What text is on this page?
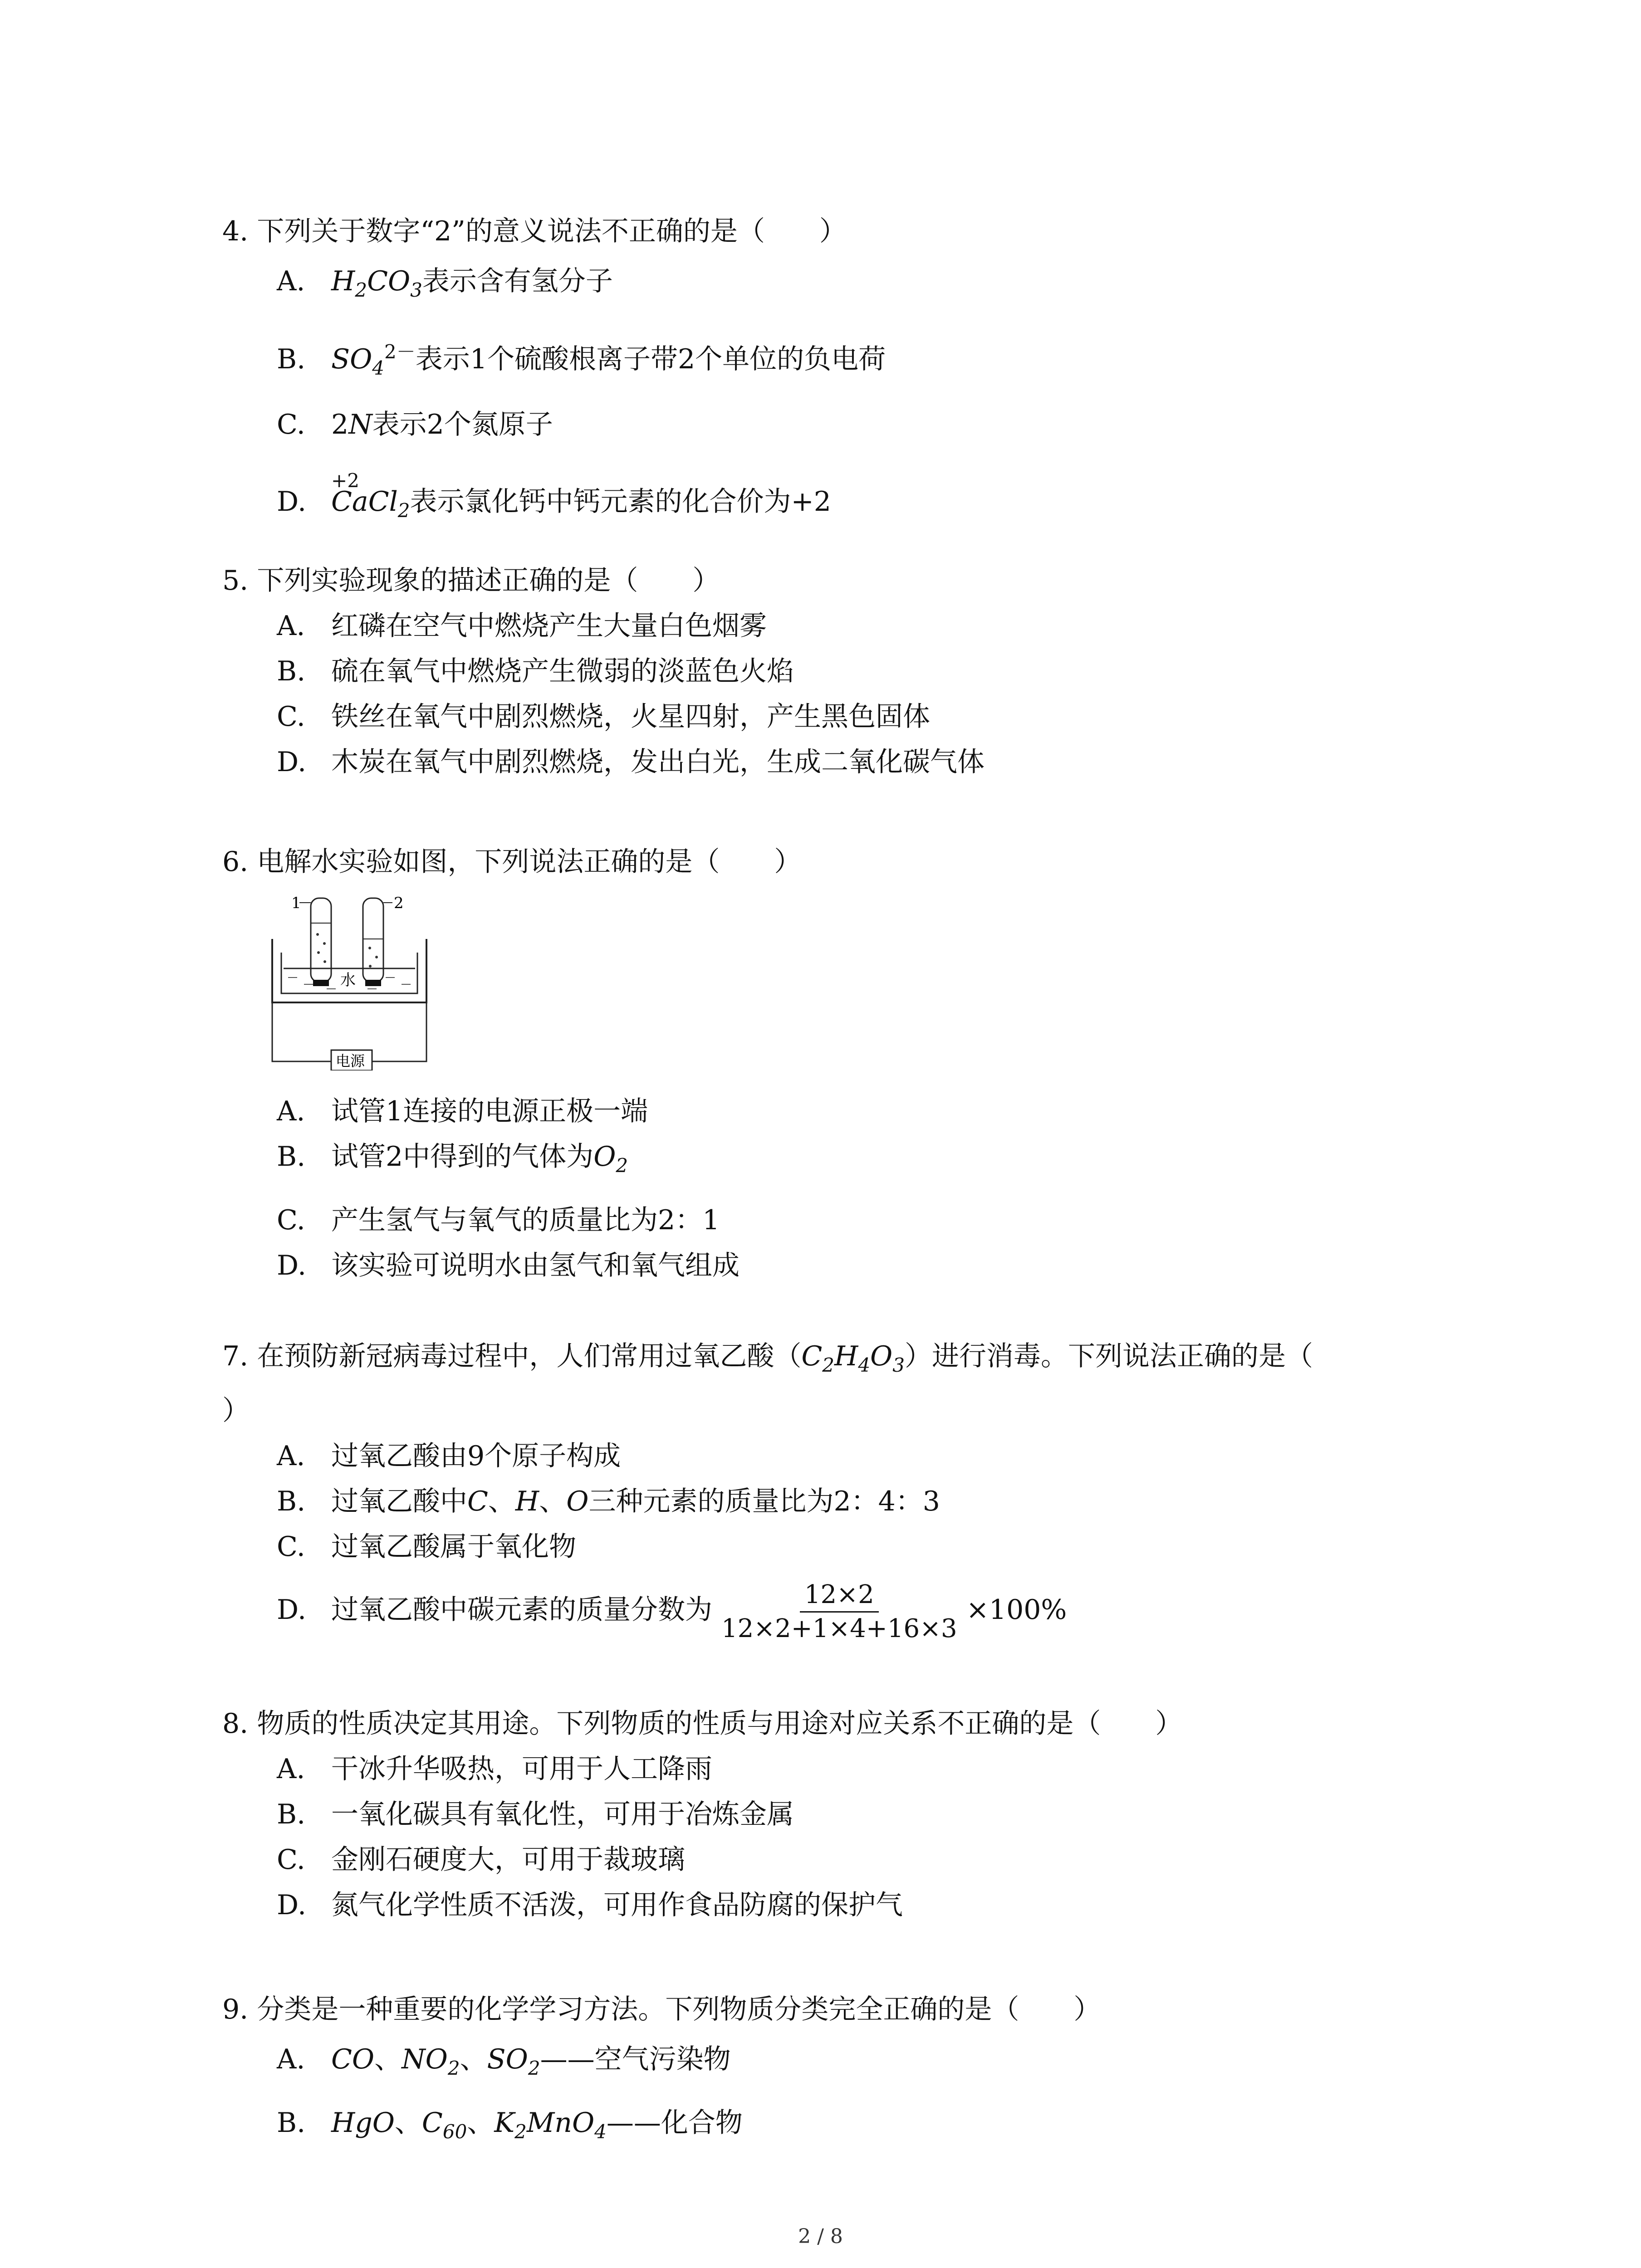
4. 下列关于数字“2”的意义说法不正确的是（　　）
A. $H_2CO_3$表示含有氢分子
B. $SO_4^{2-}$表示1个硫酸根离子带2个单位的负电荷
C. 2N表示2个氮原子
D.
+2
CaCl$_2$表示氯化钙中钙元素的化合价为+2
5. 下列实验现象的描述正确的是（　　）
A. 红磷在空气中燃烧产生大量白色烟雾
B. 硫在氧气中燃烧产生微弱的淡蓝色火焰
C. 铁丝在氧气中剧烈燃烧，火星四射，产生黑色固体
D. 木炭在氧气中剧烈燃烧，发出白光，生成二氧化碳气体
6. 电解水实验如图，下列说法正确的是（　　）
1	2
水
电源
A. 试管1连接的电源正极一端
B. 试管2中得到的气体为$O_2$
C. 产生氢气与氧气的质量比为2：1
D. 该实验可说明水由氢气和氧气组成
7. 在预防新冠病毒过程中，人们常用过氧乙酸$(C_2H_4O_3)$进行消毒。下列说法正确的是（
）
A. 过氧乙酸由9个原子构成
B. 过氧乙酸中C、H、O三种元素的质量比为2：4：3
C. 过氧乙酸属于氧化物
D. 过氧乙酸中碳元素的质量分数为 $\frac{12\times 2}{12\times 2+1\times 4+16\times 3} \times 100\%$
8. 物质的性质决定其用途。下列物质的性质与用途对应关系不正确的是（　　）
A. 干冰升华吸热，可用于人工降雨
B. 一氧化碳具有氧化性，可用于冶炼金属
C. 金刚石硬度大，可用于裁玻璃
D. 氮气化学性质不活泼，可用作食品防腐的保护气
9. 分类是一种重要的化学学习方法。下列物质分类完全正确的是（　　）
A. CO、$NO_2$、$SO_2——$空气污染物
B. HgO、$C_{60}$、$K_2MnO_4——$化合物
2 / 8
